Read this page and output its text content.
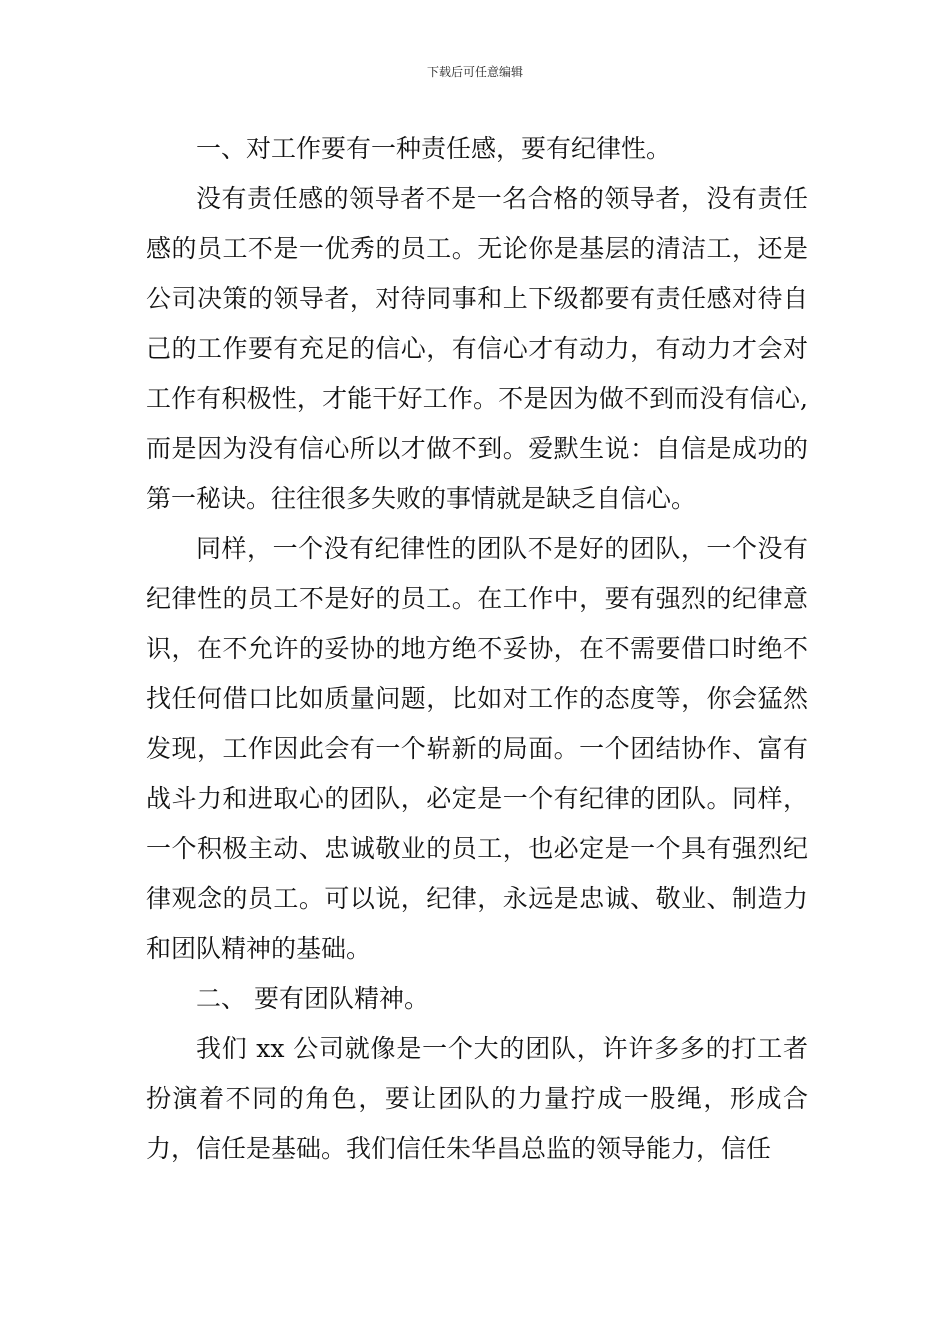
下载后可任意编辑

一、对工作要有一种责任感，要有纪律性。

没有责任感的领导者不是一名合格的领导者，没有责任感的员工不是一优秀的员工。无论你是基层的清洁工，还是公司决策的领导者，对待同事和上下级都要有责任感对待自己的工作要有充足的信心，有信心才有动力，有动力才会对工作有积极性，才能干好工作。不是因为做不到而没有信心,而是因为没有信心所以才做不到。爱默生说：自信是成功的第一秘诀。往往很多失败的事情就是缺乏自信心。

同样，一个没有纪律性的团队不是好的团队，一个没有纪律性的员工不是好的员工。在工作中，要有强烈的纪律意识，在不允许的妥协的地方绝不妥协，在不需要借口时绝不找任何借口比如质量问题，比如对工作的态度等，你会猛然发现，工作因此会有一个崭新的局面。一个团结协作、富有战斗力和进取心的团队，必定是一个有纪律的团队。同样，一个积极主动、忠诚敬业的员工，也必定是一个具有强烈纪律观念的员工。可以说，纪律，永远是忠诚、敬业、制造力和团队精神的基础。

二、 要有团队精神。

我们 xx 公司就像是一个大的团队，许许多多的打工者扮演着不同的角色，要让团队的力量拧成一股绳，形成合力，信任是基础。我们信任朱华昌总监的领导能力，信任
